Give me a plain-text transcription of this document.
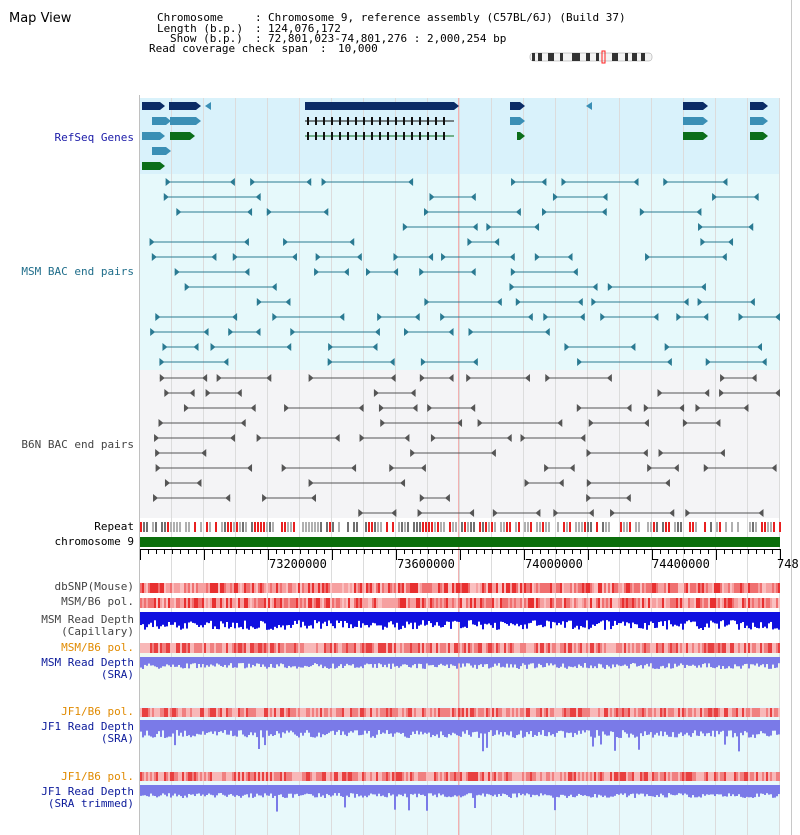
Map View	Chromosome	: Chromosome 9, reference assembly (C57BL/6J) (Build 37)
Length (b.p.) : 124,076,172
Show (b.p.) : 72,801,023-74,801,276 : 2,000,254 bp
Read coverage check span : 10,000
RefSeq Genes
MSM BAC end pairs
B6N BAC end pairs
Repeat
chromosome 9
dbSNP(Mouse)
MSM/B6 pol.
MSM Read Depth
(Capillary)
MSM/B6 pol.
MSM Read Depth
(SRA)
JF1/B6 pol.
JF1 Read Depth
(SRA)
JF1/B6 pol.
JF1 Read Depth
(SRA trimmed)
73200000	73600000	74000000	74400000	748
